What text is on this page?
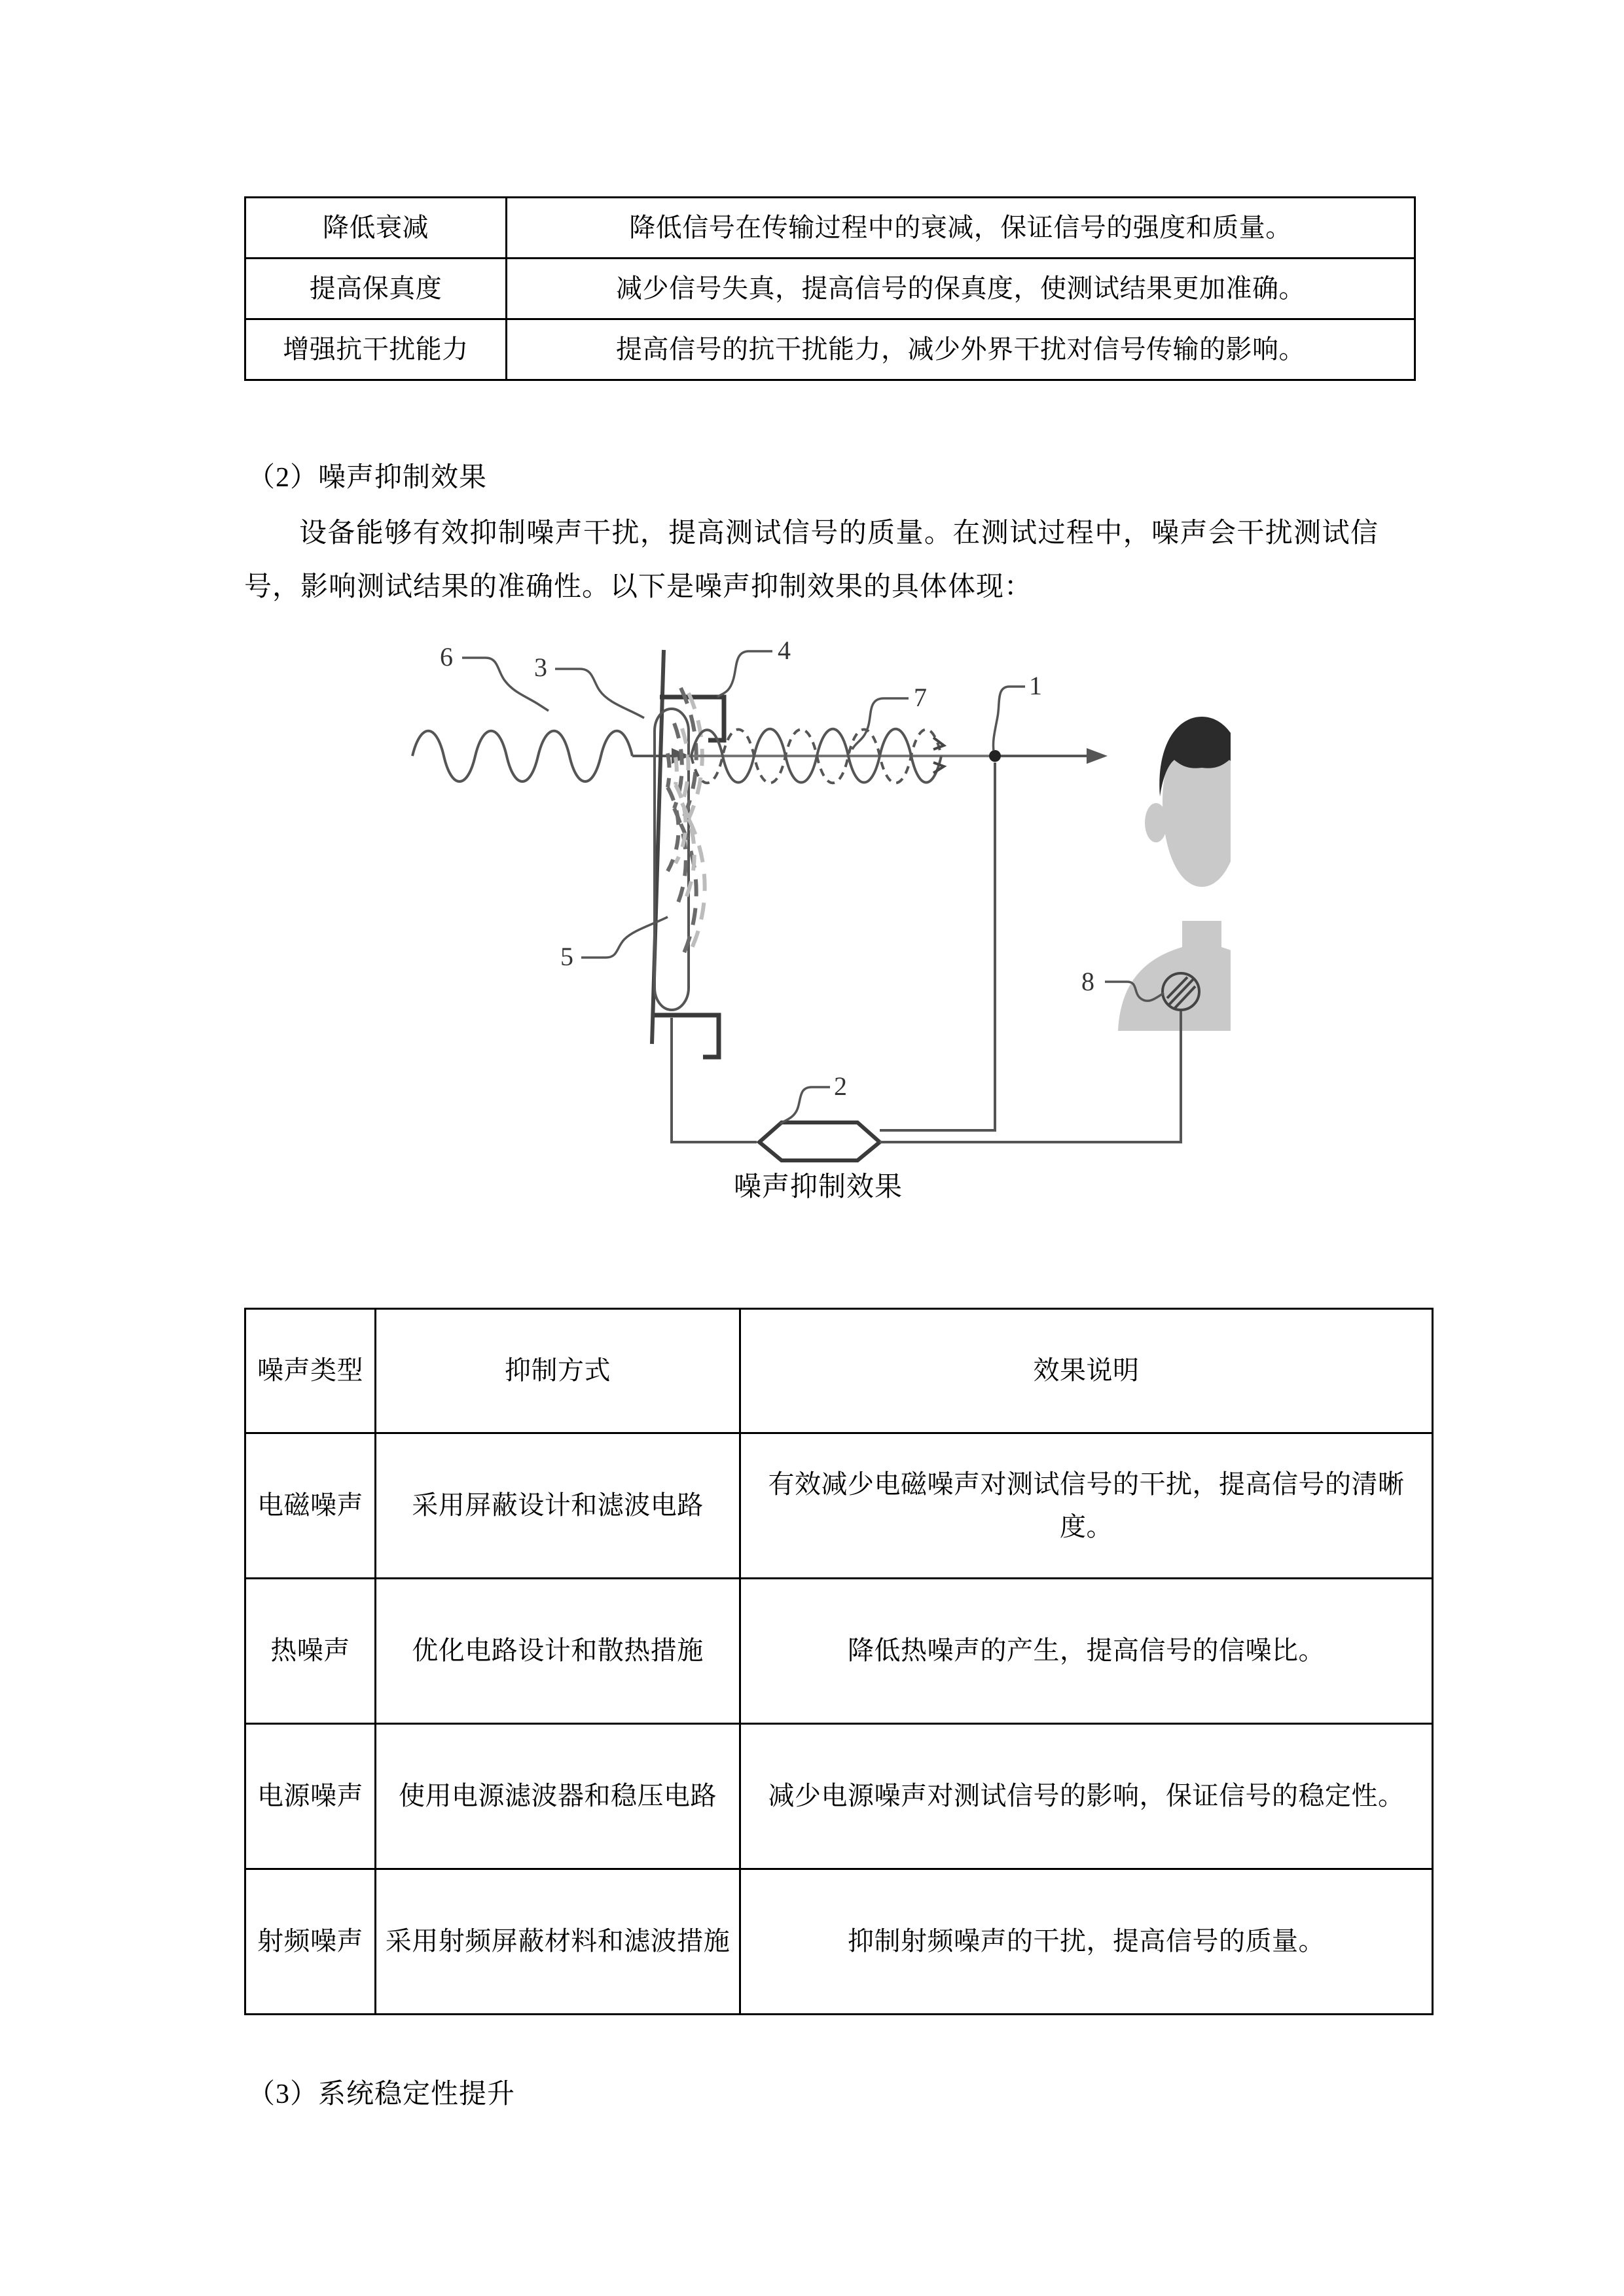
降低衰减	降低信号在传输过程中的衰减，保证信号的强度和质量。
提高保真度	减少信号失真，提高信号的保真度，使测试结果更加准确。
增强抗干扰能力	提高信号的抗干扰能力，减少外界干扰对信号传输的影响。
（2）噪声抑制效果
设备能够有效抑制噪声干扰，提高测试信号的质量。在测试过程中，噪声会干扰测试信号，影响测试结果的准确性。以下是噪声抑制效果的具体体现：
6	3
5
4
7	1
8
2
噪声抑制效果
噪声类型	抑制方式	效果说明
电磁噪声	采用屏蔽设计和滤波电路	有效减少电磁噪声对测试信号的干扰，提高信号的清晰度。
热噪声	优化电路设计和散热措施	降低热噪声的产生，提高信号的信噪比。
电源噪声	使用电源滤波器和稳压电路	减少电源噪声对测试信号的影响，保证信号的稳定性。
射频噪声	采用射频屏蔽材料和滤波措施	抑制射频噪声的干扰，提高信号的质量。
（3）系统稳定性提升
